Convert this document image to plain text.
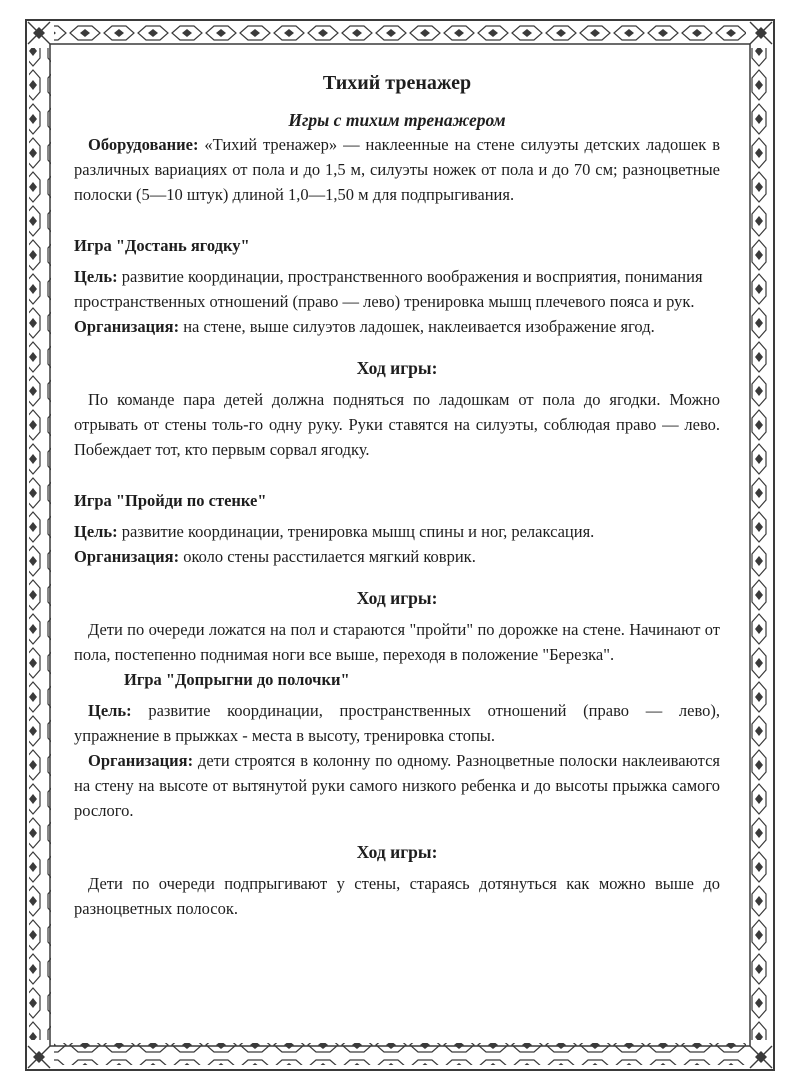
Тихий тренажер
Игры с тихим тренажером

Оборудование: «Тихий тренажер» — наклеенные на стене силуэты детских ладошек в различных вариациях от пола и до 1,5 м, силуэты ножек от пола и до 70 см; разноцветные полоски (5—10 штук) длиной 1,0—1,50 м для подпрыгивания.

Игра "Достань ягодку"

Цель: развитие координации, пространственного воображения и восприятия, понимания пространственных отношений (право — лево) тренировка мышц плечевого пояса и рук. Организация: на стене, выше силуэтов ладошек, наклеивается изображение ягод.

Ход игры:

По команде пара детей должна подняться по ладошкам от пола до ягодки. Можно отрывать от стены толь-го одну руку. Руки ставятся на силуэты, соблюдая право — лево. Побеждает тот, кто первым сорвал ягодку.

Игра "Пройди по стенке"

Цель: развитие координации, тренировка мышц спины и ног, релаксация.

Организация: около стены расстилается мягкий коврик.

Ход игры:

Дети по очереди ложатся на пол и стараются "пройти" по дорожке на стене. Начинают от пола, постепенно поднимая ноги все выше, переходя в положение "Березка".

Игра "Допрыгни до полочки"

Цель: развитие координации, пространственных отношений (право — лево), упражнение в прыжках - места в высоту, тренировка стопы.

Организация: дети строятся в колонну по одному. Разноцветные полоски наклеиваются на стену на высоте от вытянутой руки самого низкого ребенка и до высоты прыжка самого рослого.

Ход игры:

Дети по очереди подпрыгивают у стены, стараясь дотянуться как можно выше до разноцветных полосок.
